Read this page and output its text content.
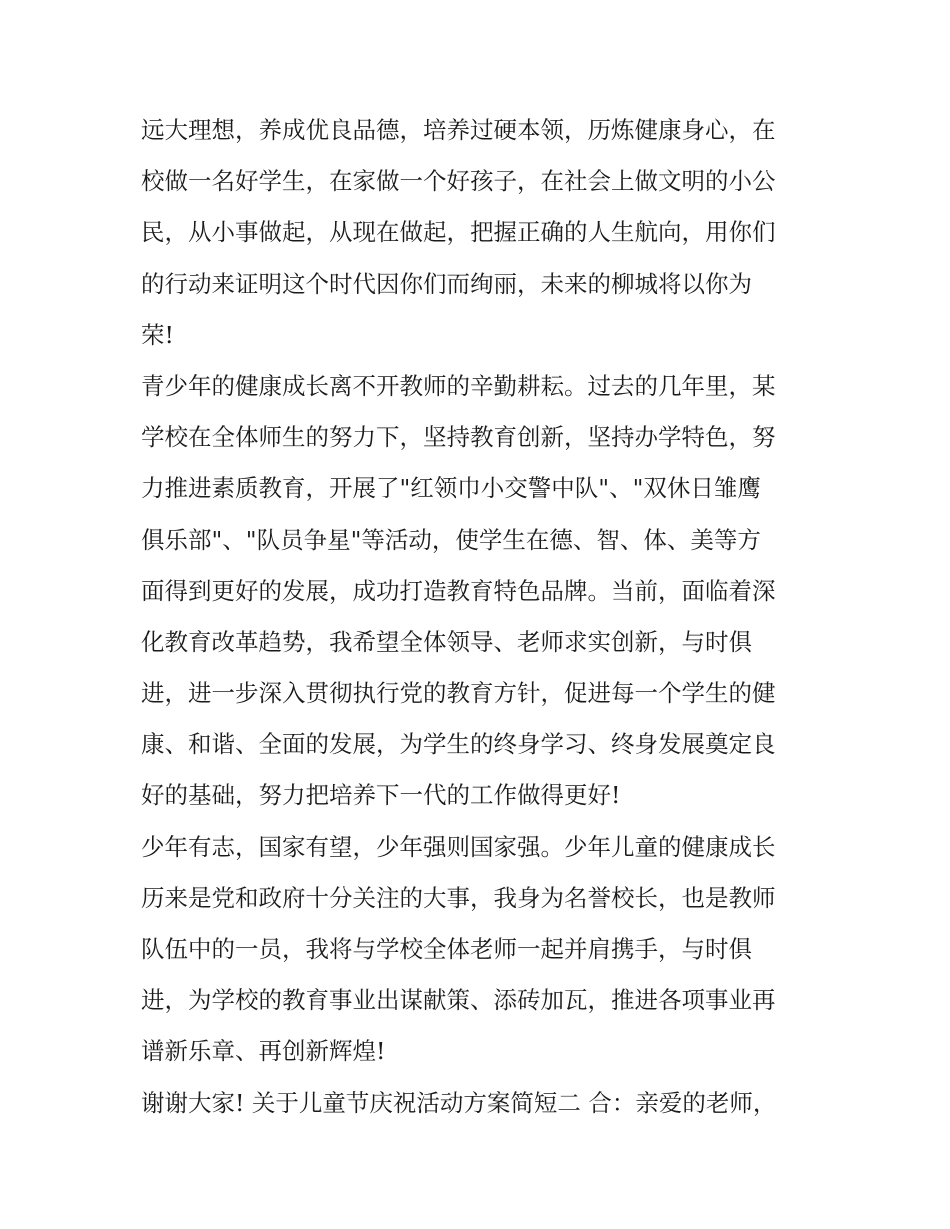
远大理想，养成优良品德，培养过硬本领，历炼健康身心，在
校做一名好学生，在家做一个好孩子，在社会上做文明的小公
民，从小事做起，从现在做起，把握正确的人生航向，用你们
的行动来证明这个时代因你们而绚丽，未来的柳城将以你为
荣!
青少年的健康成长离不开教师的辛勤耕耘。过去的几年里，某
学校在全体师生的努力下，坚持教育创新，坚持办学特色，努
力推进素质教育，开展了"红领巾小交警中队"、"双休日雏鹰
俱乐部"、"队员争星"等活动，使学生在德、智、体、美等方
面得到更好的发展，成功打造教育特色品牌。当前，面临着深
化教育改革趋势，我希望全体领导、老师求实创新，与时俱
进，进一步深入贯彻执行党的教育方针，促进每一个学生的健
康、和谐、全面的发展，为学生的终身学习、终身发展奠定良
好的基础，努力把培养下一代的工作做得更好!
少年有志，国家有望，少年强则国家强。少年儿童的健康成长
历来是党和政府十分关注的大事，我身为名誉校长，也是教师
队伍中的一员，我将与学校全体老师一起并肩携手，与时俱
进，为学校的教育事业出谋献策、添砖加瓦，推进各项事业再
谱新乐章、再创新辉煌!
谢谢大家! 关于儿童节庆祝活动方案简短二 合：亲爱的老师，
